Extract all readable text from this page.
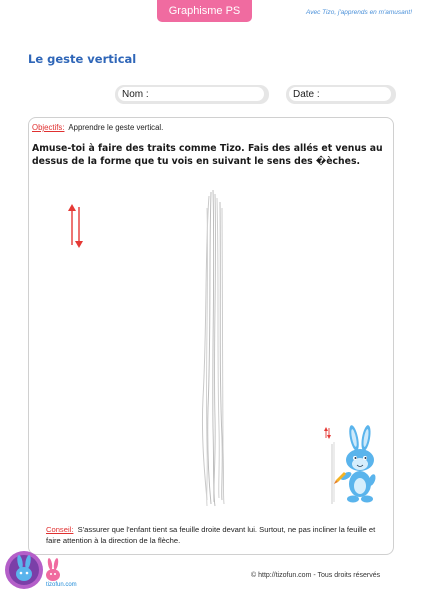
Graphisme PS	Avec Tizo, j'apprends en m'amusant!
Le geste vertical
Nom :	Date :
Objectifs: Apprendre le geste vertical.
Amuse-toi à faire des traits comme Tizo. Fais des allés et venus au dessus de la forme que tu vois en suivant le sens des �èches.
Conseil: S'assurer que l'enfant tient sa feuille droite devant lui. Surtout, ne pas incliner la feuille et faire attention à la direction de la flèche.
tizofun.com
© http://tizofun.com - Tous droits réservés
